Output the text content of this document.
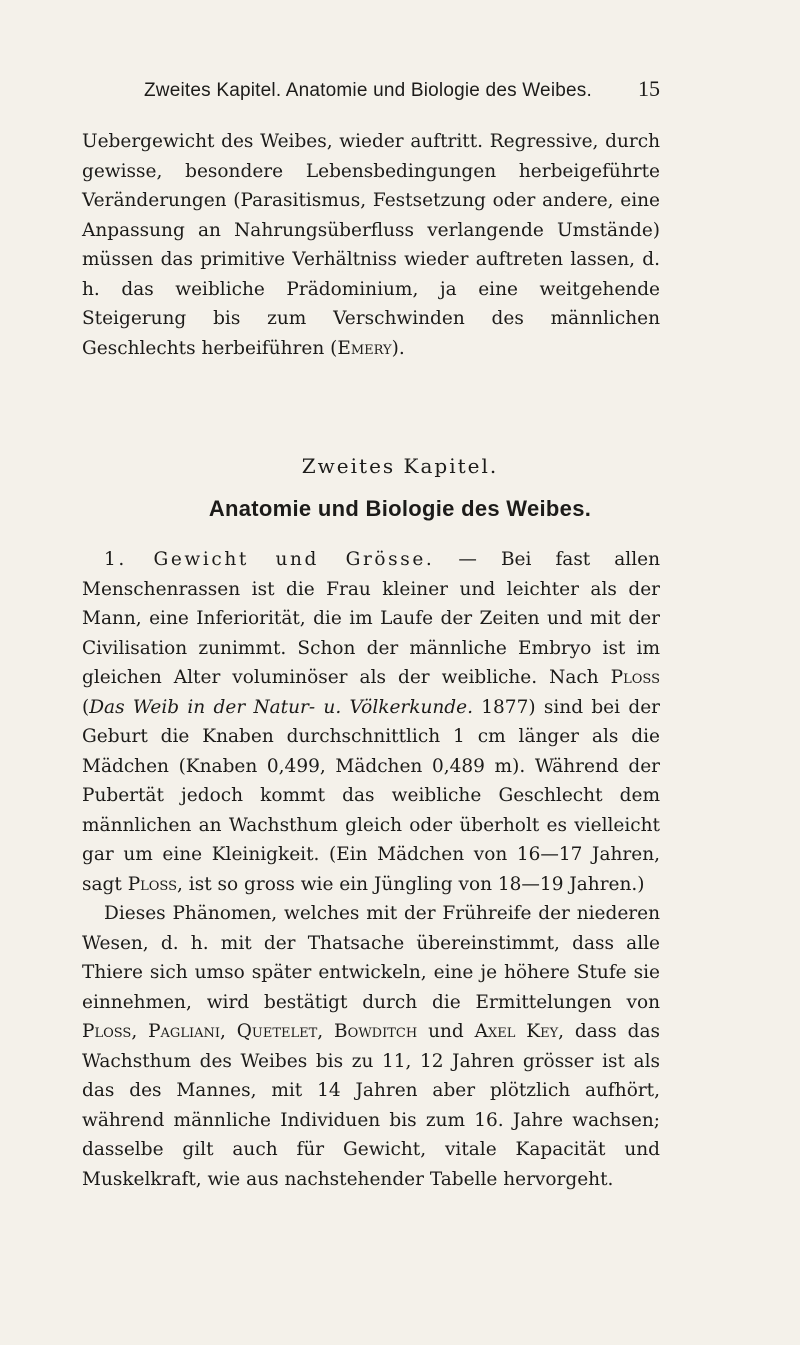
Zweites Kapitel. Anatomie und Biologie des Weibes. 15

Uebergewicht des Weibes, wieder auftritt. Regressive, durch gewisse, besondere Lebensbedingungen herbeigeführte Veränderungen (Parasitismus, Festsetzung oder andere, eine Anpassung an Nahrungsüberfluss verlangende Umstände) müssen das primitive Verhältniss wieder auftreten lassen, d. h. das weibliche Prädominium, ja eine weitgehende Steigerung bis zum Verschwinden des männlichen Geschlechts herbeiführen (Emery).

Zweites Kapitel.
Anatomie und Biologie des Weibes.

1. Gewicht und Grösse. — Bei fast allen Menschenrassen ist die Frau kleiner und leichter als der Mann, eine Inferiorität, die im Laufe der Zeiten und mit der Civilisation zunimmt. Schon der männliche Embryo ist im gleichen Alter voluminöser als der weibliche. Nach Ploss (Das Weib in der Natur- u. Völkerkunde. 1877) sind bei der Geburt die Knaben durchschnittlich 1 cm länger als die Mädchen (Knaben 0,499, Mädchen 0,489 m). Während der Pubertät jedoch kommt das weibliche Geschlecht dem männlichen an Wachsthum gleich oder überholt es vielleicht gar um eine Kleinigkeit. (Ein Mädchen von 16—17 Jahren, sagt Ploss, ist so gross wie ein Jüngling von 18—19 Jahren.)

Dieses Phänomen, welches mit der Frühreife der niederen Wesen, d. h. mit der Thatsache übereinstimmt, dass alle Thiere sich umso später entwickeln, eine je höhere Stufe sie einnehmen, wird bestätigt durch die Ermittelungen von Ploss, Pagliani, Quetelet, Bowditch und Axel Key, dass das Wachsthum des Weibes bis zu 11, 12 Jahren grösser ist als das des Mannes, mit 14 Jahren aber plötzlich aufhört, während männliche Individuen bis zum 16. Jahre wachsen; dasselbe gilt auch für Gewicht, vitale Kapacität und Muskelkraft, wie aus nachstehender Tabelle hervorgeht.
